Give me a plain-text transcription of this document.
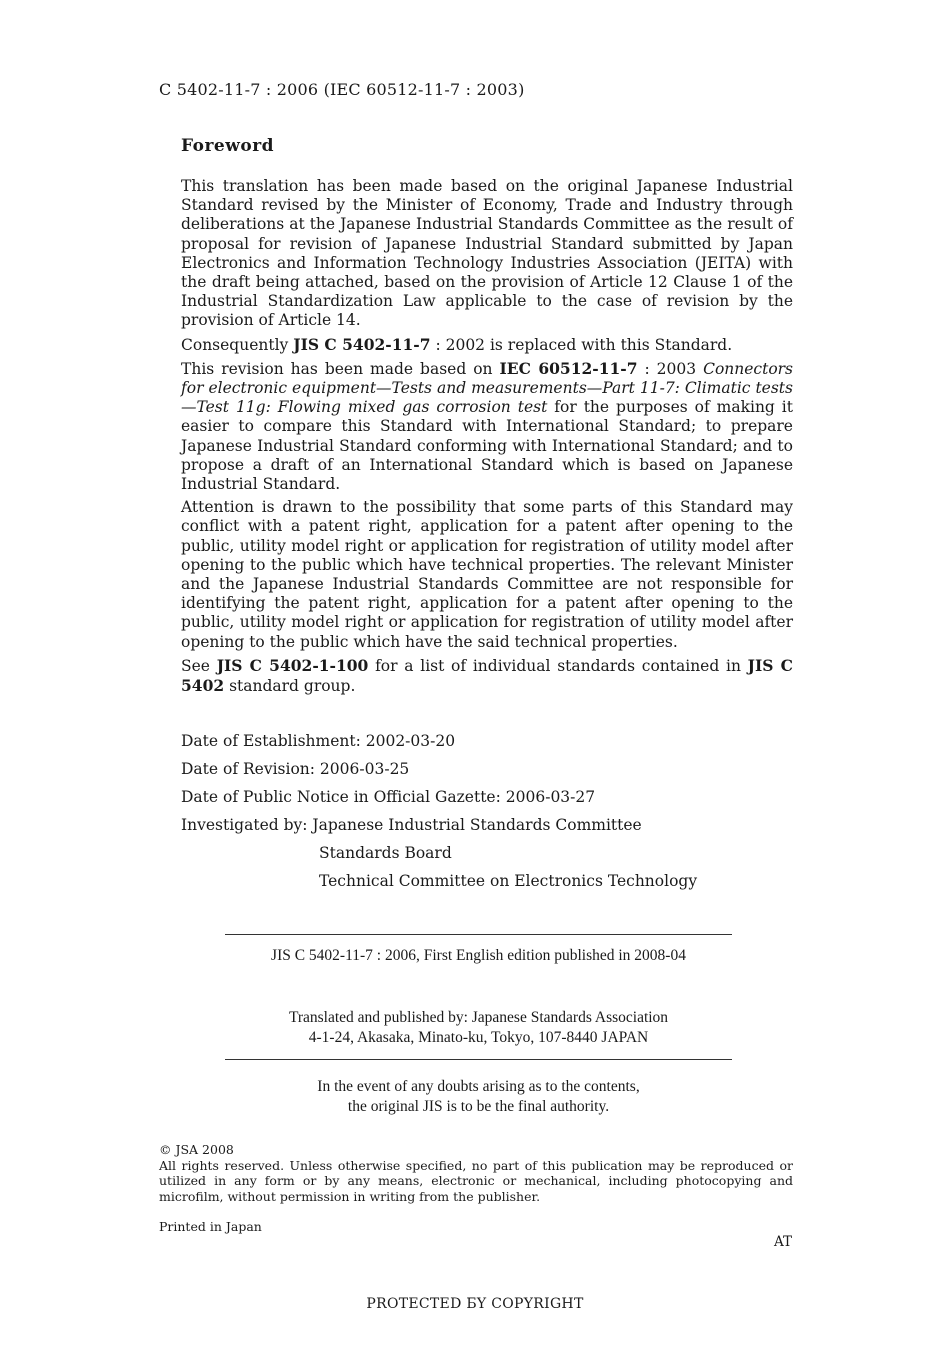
C 5402-11-7 : 2006 (IEC 60512-11-7 : 2003)
Foreword

This translation has been made based on the original Japanese Industrial Standard revised by the Minister of Economy, Trade and Industry through deliberations at the Japanese Industrial Standards Committee as the result of proposal for revision of Japanese Industrial Standard submitted by Japan Electronics and Information Technology Industries Association (JEITA) with the draft being attached, based on the provision of Article 12 Clause 1 of the Industrial Standardization Law applicable to the case of revision by the provision of Article 14.

Consequently JIS C 5402-11-7 : 2002 is replaced with this Standard.

This revision has been made based on IEC 60512-11-7 : 2003 Connectors for electronic equipment—Tests and measurements—Part 11-7: Climatic tests—Test 11g: Flowing mixed gas corrosion test for the purposes of making it easier to compare this Standard with International Standard; to prepare Japanese Industrial Standard conforming with International Standard; and to propose a draft of an International Standard which is based on Japanese Industrial Standard.

Attention is drawn to the possibility that some parts of this Standard may conflict with a patent right, application for a patent after opening to the public, utility model right or application for registration of utility model after opening to the public which have technical properties. The relevant Minister and the Japanese Industrial Standards Committee are not responsible for identifying the patent right, application for a patent after opening to the public, utility model right or application for registration of utility model after opening to the public which have the said technical properties.

See JIS C 5402-1-100 for a list of individual standards contained in JIS C 5402 standard group.

Date of Establishment: 2002-03-20
Date of Revision: 2006-03-25
Date of Public Notice in Official Gazette: 2006-03-27
Investigated by: Japanese Industrial Standards Committee
Standards Board
Technical Committee on Electronics Technology
JIS C 5402-11-7 : 2006, First English edition published in 2008-04
Translated and published by: Japanese Standards Association
4-1-24, Akasaka, Minato-ku, Tokyo, 107-8440 JAPAN
In the event of any doubts arising as to the contents,
the original JIS is to be the final authority.

© JSA 2008

All rights reserved. Unless otherwise specified, no part of this publication may be reproduced or utilized in any form or by any means, electronic or mechanical, including photocopying and microfilm, without permission in writing from the publisher.

Printed in Japan
AT
PROTECTED БY COPYRIGHT
